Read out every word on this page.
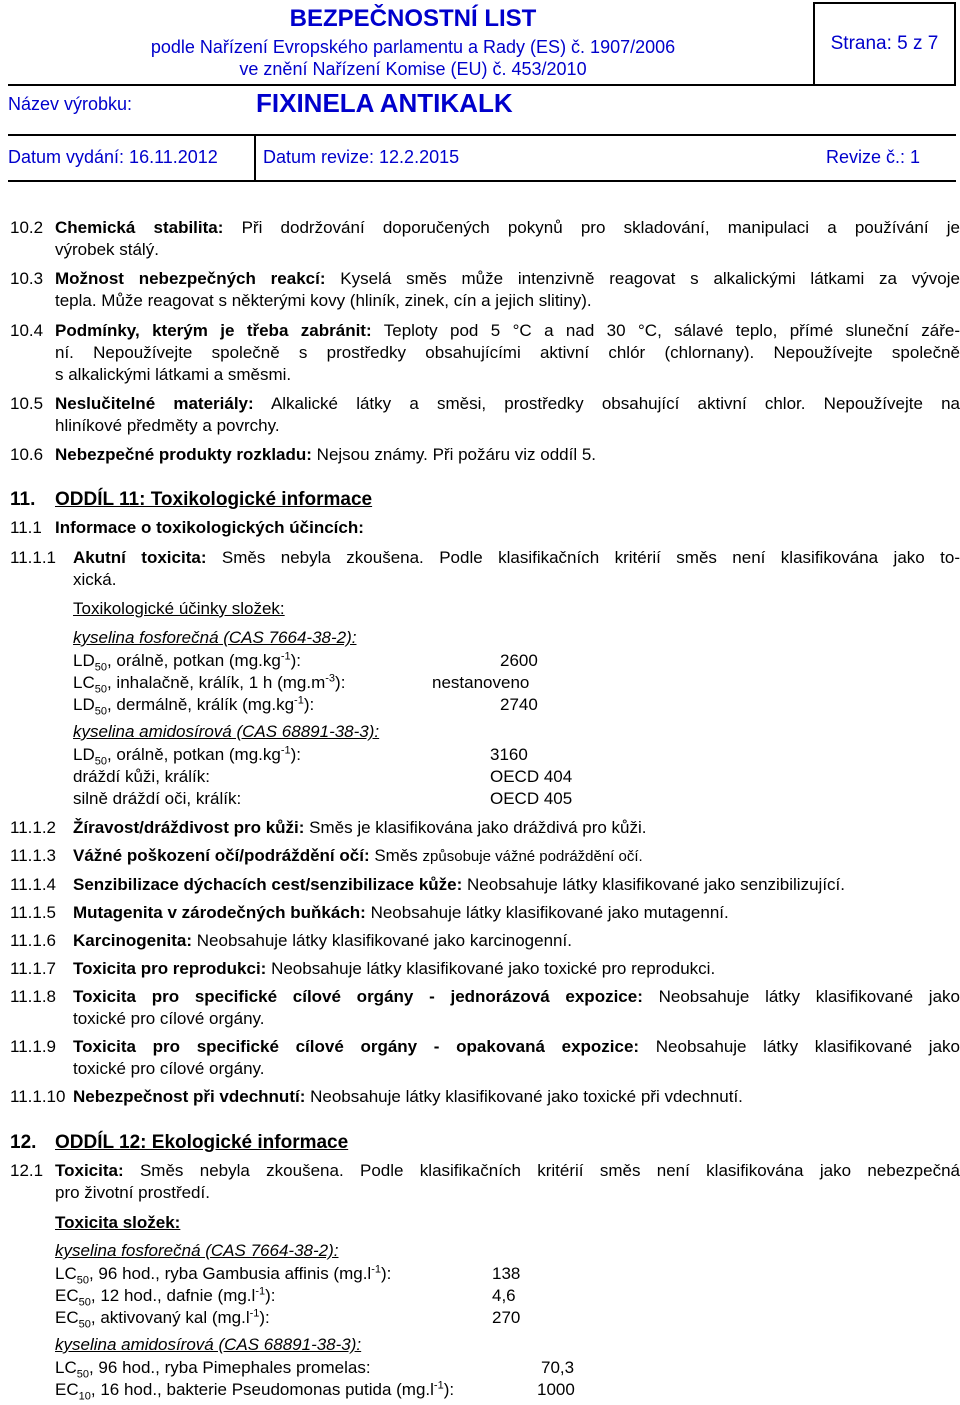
BEZPEČNOSTNÍ LIST
podle Nařízení Evropského parlamentu a Rady (ES) č. 1907/2006
ve znění Nařízení Komise (EU) č. 453/2010
Strana: 5 z 7
Název výrobku:	FIXINELA ANTIKALK
Datum vydání: 16.11.2012	Datum revize: 12.2.2015	Revize č.: 1
10.2 Chemická stabilita: Při dodržování doporučených pokynů pro skladování, manipulaci a používání je
výrobek stálý.
10.3 Možnost nebezpečných reakcí: Kyselá směs může intenzivně reagovat s alkalickými látkami za vývoje
tepla. Může reagovat s některými kovy (hliník, zinek, cín a jejich slitiny).
10.4 Podmínky, kterým je třeba zabránit: Teploty pod 5 °C a nad 30 °C, sálavé teplo, přímé sluneční záře-
ní. Nepoužívejte společně s prostředky obsahujícími aktivní chlór (chlornany). Nepoužívejte společně
s alkalickými látkami a směsmi.
10.5 Neslučitelné materiály: Alkalické látky a směsi, prostředky obsahující aktivní chlor. Nepoužívejte na
hliníkové předměty a povrchy.
10.6 Nebezpečné produkty rozkladu: Nejsou známy. Při požáru viz oddíl 5.
11. ODDÍL 11: Toxikologické informace
11.1 Informace o toxikologických účincích:
11.1.1 Akutní toxicita: Směs nebyla zkoušena. Podle klasifikačních kritérií směs není klasifikována jako to-
xická.
Toxikologické účinky složek:
kyselina fosforečná (CAS 7664-38-2):
$LD_{50}$, orálně, potkan $(mg.kg^{-1})$:	2600
$LC_{50}$, inhalačně, králík, 1 h $(mg.m^{-3})$:	nestanoveno
$LD_{50}$, dermálně, králík $(mg.kg^{-1})$:	2740
kyselina amidosírová (CAS 68891-38-3):
$LD_{50}$, orálně, potkan $(mg.kg^{-1})$:	3160
dráždí kůži, králík:	OECD 404
silně dráždí oči, králík:	OECD 405
11.1.2 Žíravost/dráždivost pro kůži: Směs je klasifikována jako dráždivá pro kůži.
11.1.3 Vážné poškození očí/podráždění očí: Směs způsobuje vážné podráždění očí.
11.1.4 Senzibilizace dýchacích cest/senzibilizace kůže: Neobsahuje látky klasifikované jako senzibilizující.
11.1.5 Mutagenita v zárodečných buňkách: Neobsahuje látky klasifikované jako mutagenní.
11.1.6 Karcinogenita: Neobsahuje látky klasifikované jako karcinogenní.
11.1.7 Toxicita pro reprodukci: Neobsahuje látky klasifikované jako toxické pro reprodukci.
11.1.8 Toxicita pro specifické cílové orgány - jednorázová expozice: Neobsahuje látky klasifikované jako
toxické pro cílové orgány.
11.1.9 Toxicita pro specifické cílové orgány - opakovaná expozice: Neobsahuje látky klasifikované jako
toxické pro cílové orgány.
11.1.10 Nebezpečnost při vdechnutí: Neobsahuje látky klasifikované jako toxické při vdechnutí.
12. ODDÍL 12: Ekologické informace
12.1 Toxicita: Směs nebyla zkoušena. Podle klasifikačních kritérií směs není klasifikována jako nebezpečná
pro životní prostředí.
Toxicita složek:
kyselina fosforečná (CAS 7664-38-2):
$LC_{50}$, 96 hod., ryba Gambusia affinis $(mg.l^{-1})$:	138
$EC_{50}$, 12 hod., dafnie $(mg.l^{-1})$:	4,6
$EC_{50}$, aktivovaný kal $(mg.l^{-1})$:	270
kyselina amidosírová (CAS 68891-38-3):
$LC_{50}$, 96 hod., ryba Pimephales promelas:	70,3
$EC_{10}$, 16 hod., bakterie Pseudomonas putida $(mg.l^{-1})$:	1000
